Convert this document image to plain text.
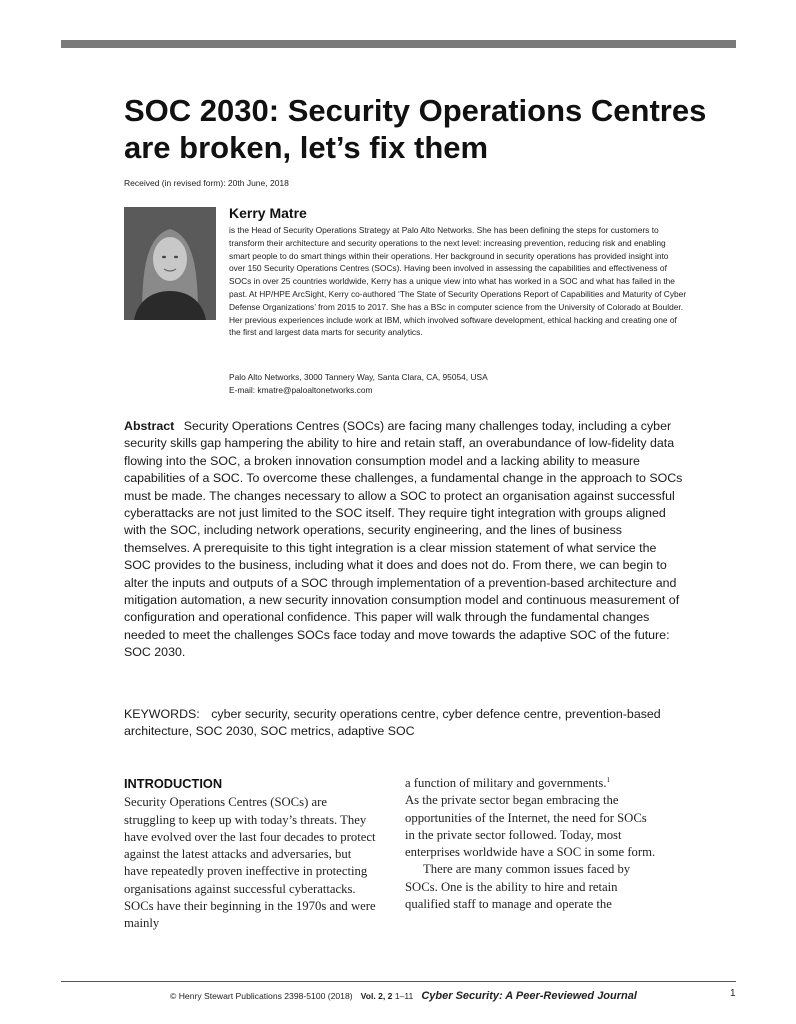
SOC 2030: Security Operations Centres are broken, let’s fix them
Received (in revised form): 20th June, 2018
Kerry Matre

is the Head of Security Operations Strategy at Palo Alto Networks. She has been defining the steps for customers to transform their architecture and security operations to the next level: increasing prevention, reducing risk and enabling smart people to do smart things within their operations. Her background in security operations has provided insight into over 150 Security Operations Centres (SOCs). Having been involved in assessing the capabilities and effectiveness of SOCs in over 25 countries worldwide, Kerry has a unique view into what has worked in a SOC and what has failed in the past. At HP/HPE ArcSight, Kerry co-authored ‘The State of Security Operations Report of Capabilities and Maturity of Cyber Defense Organizations’ from 2015 to 2017. She has a BSc in computer science from the University of Colorado at Boulder. Her previous experiences include work at IBM, which involved software development, ethical hacking and creating one of the first and largest data marts for security analytics.

Palo Alto Networks, 3000 Tannery Way, Santa Clara, CA, 95054, USA
E-mail: kmatre@paloaltonetworks.com

Abstract Security Operations Centres (SOCs) are facing many challenges today, including a cyber security skills gap hampering the ability to hire and retain staff, an overabundance of low-fidelity data flowing into the SOC, a broken innovation consumption model and a lacking ability to measure capabilities of a SOC. To overcome these challenges, a fundamental change in the approach to SOCs must be made. The changes necessary to allow a SOC to protect an organisation against successful cyberattacks are not just limited to the SOC itself. They require tight integration with groups aligned with the SOC, including network operations, security engineering, and the lines of business themselves. A prerequisite to this tight integration is a clear mission statement of what service the SOC provides to the business, including what it does and does not do. From there, we can begin to alter the inputs and outputs of a SOC through implementation of a prevention-based architecture and mitigation automation, a new security innovation consumption model and continuous measurement of configuration and operational confidence. This paper will walk through the fundamental changes needed to meet the challenges SOCs face today and move towards the adaptive SOC of the future: SOC 2030.

KEYWORDS: cyber security, security operations centre, cyber defence centre, prevention-based architecture, SOC 2030, SOC metrics, adaptive SOC

INTRODUCTION

Security Operations Centres (SOCs) are struggling to keep up with today’s threats. They have evolved over the last four decades to protect against the latest attacks and adversaries, but have repeatedly proven ineffective in protecting organisations against successful cyberattacks. SOCs have their beginning in the 1970s and were mainly

a function of military and governments.$^1$
As the private sector began embracing the opportunities of the Internet, the need for SOCs in the private sector followed. Today, most enterprises worldwide have a SOC in some form.

There are many common issues faced by SOCs. One is the ability to hire and retain qualified staff to manage and operate the

© Henry Stewart Publications 2398-5100 (2018) Vol. 2, 2 1–11 Cyber Security: A Peer-Reviewed Journal	1
